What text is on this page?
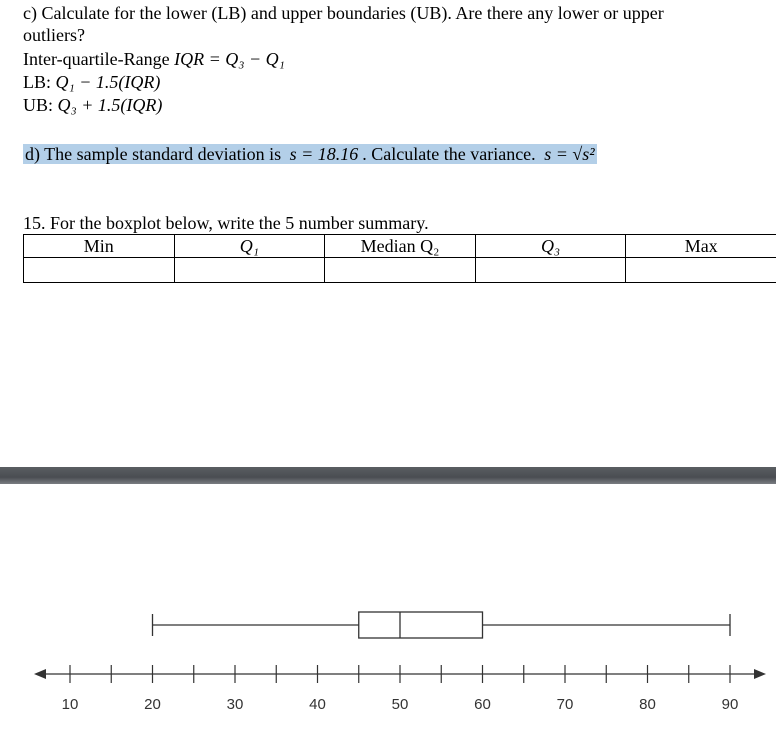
c) Calculate for the lower (LB) and upper boundaries (UB). Are there any lower or upper
outliers?
Inter-quartile-Range IQR = Q₃ − Q₁
LB: Q₁ − 1.5(IQR)
UB: Q₃ + 1.5(IQR)
d) The sample standard deviation is s = 18.16 . Calculate the variance. s = √s²
15. For the boxplot below, write the 5 number summary.
Min	Q₁	Median Q₂	Q₃	Max

10	20	30	40	50	60	70	80	90
